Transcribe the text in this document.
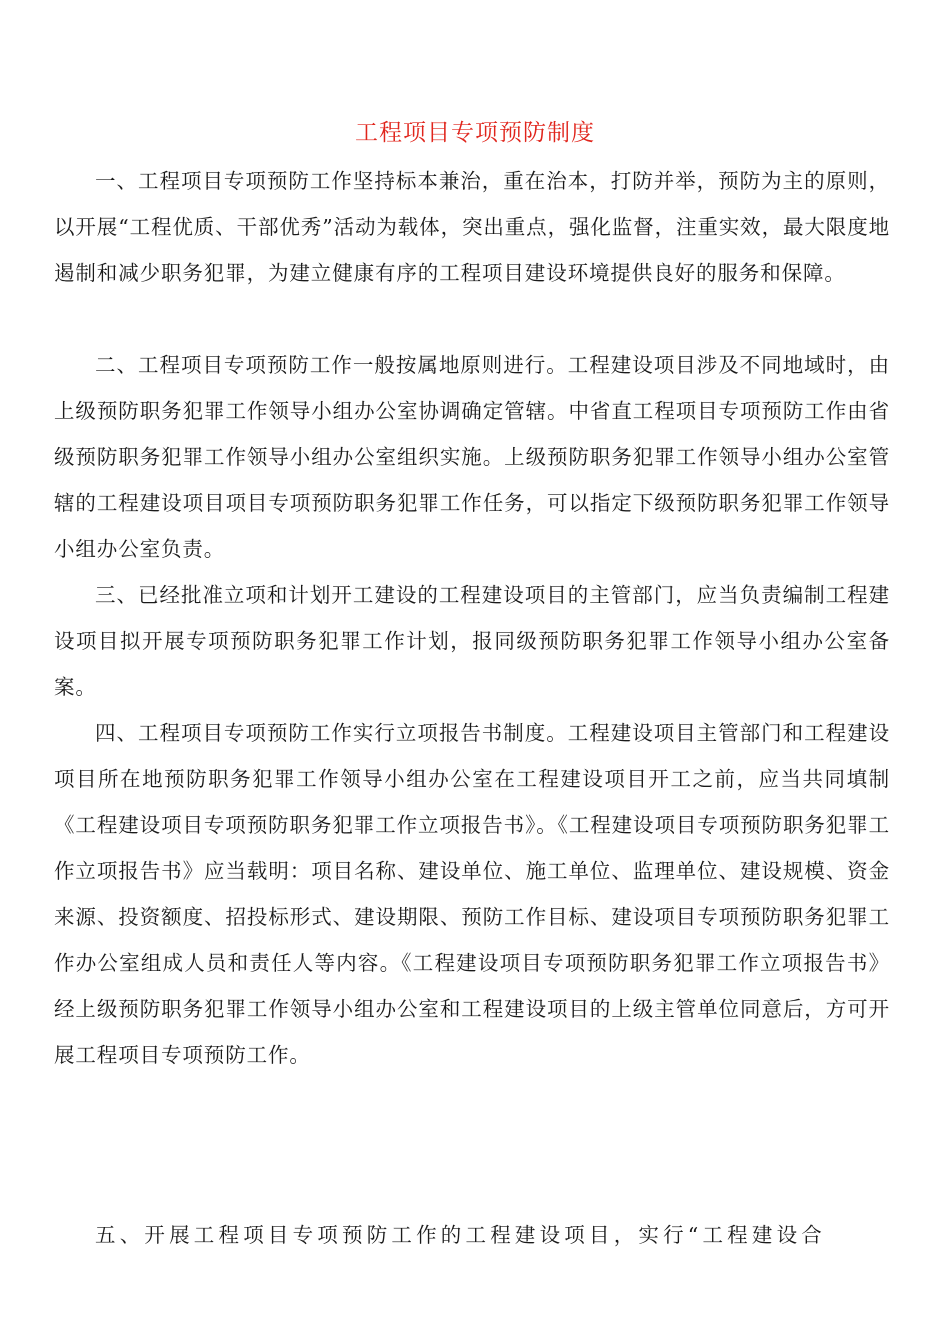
工程项目专项预防制度

一、工程项目专项预防工作坚持标本兼治，重在治本，打防并举，预防为主的原则，以开展“工程优质、干部优秀”活动为载体，突出重点，强化监督，注重实效，最大限度地遏制和减少职务犯罪，为建立健康有序的工程项目建设环境提供良好的服务和保障。

二、工程项目专项预防工作一般按属地原则进行。工程建设项目涉及不同地域时，由上级预防职务犯罪工作领导小组办公室协调确定管辖。中省直工程项目专项预防工作由省级预防职务犯罪工作领导小组办公室组织实施。上级预防职务犯罪工作领导小组办公室管辖的工程建设项目项目专项预防职务犯罪工作任务，可以指定下级预防职务犯罪工作领导小组办公室负责。

三、已经批准立项和计划开工建设的工程建设项目的主管部门，应当负责编制工程建设项目拟开展专项预防职务犯罪工作计划，报同级预防职务犯罪工作领导小组办公室备案。

四、工程项目专项预防工作实行立项报告书制度。工程建设项目主管部门和工程建设项目所在地预防职务犯罪工作领导小组办公室在工程建设项目开工之前，应当共同填制《工程建设项目专项预防职务犯罪工作立项报告书》。《工程建设项目专项预防职务犯罪工作立项报告书》应当载明：项目名称、建设单位、施工单位、监理单位、建设规模、资金来源、投资额度、招投标形式、建设期限、预防工作目标、建设项目专项预防职务犯罪工作办公室组成人员和责任人等内容。《工程建设项目专项预防职务犯罪工作立项报告书》经上级预防职务犯罪工作领导小组办公室和工程建设项目的上级主管单位同意后，方可开展工程项目专项预防工作。

五、开展工程项目专项预防工作的工程建设项目，实行“工程建设合
